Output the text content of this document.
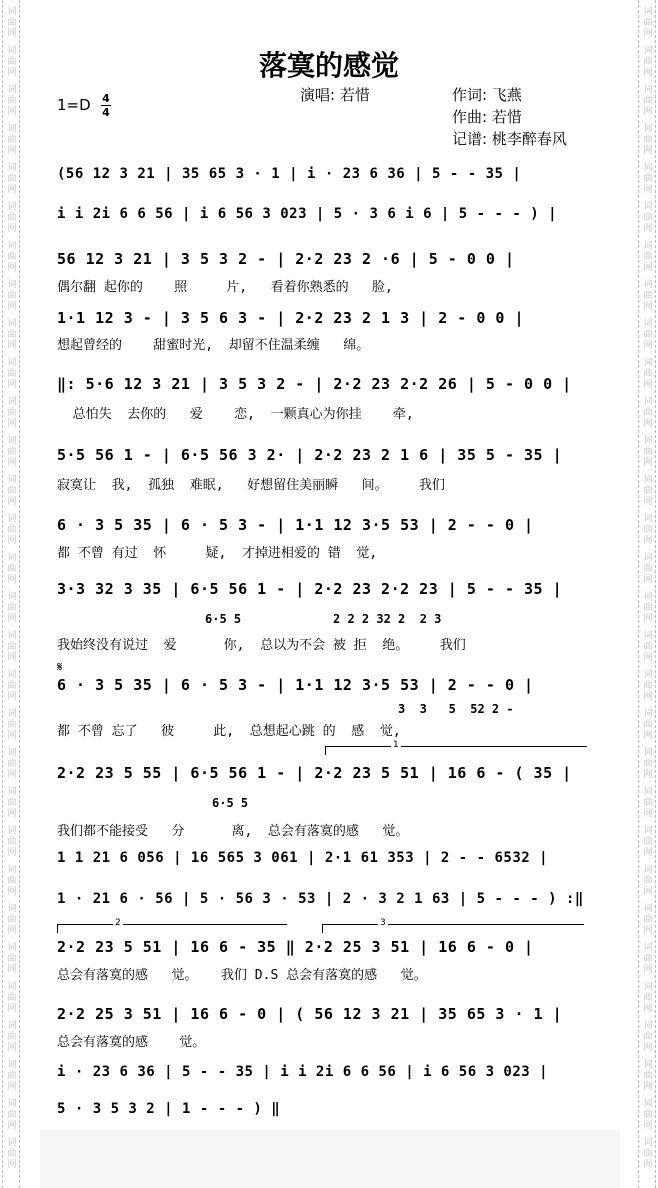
词曲网
词曲网
词曲网
词曲网
词曲网
词曲网
词曲网
词曲网
词曲网
词曲网
词曲网
词曲网
词曲网
词曲网
词曲网
词曲网
词曲网
词曲网
词曲网
词曲网
词曲网
词曲网
词曲网
词曲网
词曲网
词曲网
词曲网
词曲网
词曲网
词曲网
词曲网
词曲网
词曲网
词曲网
词曲网
词曲网
词曲网
词曲网
词曲网
词曲网
词曲网
词曲网
词曲网
词曲网
词曲网
词曲网
词曲网
词曲网
词曲网
词曲网
词曲网
词曲网
词曲网
词曲网
词曲网
词曲网
词曲网
词曲网
词曲网
词曲网
落寞的感觉
1=D 4
4
演唱: 若惜	作词: 飞燕
作曲: 若惜
记谱: 桃李醉春风
(56 12 3 21 | 35 65 3 · 1 | i · 23 6 36 | 5 - - 35 |
i i 2i 6 6 56 | i 6 56 3 023 | 5 · 3 6 i 6 | 5 - - - ) |
56 12 3 21 | 3 5 3 2 - | 2·2 23 2 ·6 | 5 - 0 0 |
偶尔翻 起你的    照     片,   看着你熟悉的   脸,
1·1 12 3 - | 3 5 6 3 - | 2·2 23 2 1 3 | 2 - 0 0 |
想起曾经的    甜蜜时光,  却留不住温柔缠   绵。
‖: 5·6 12 3 21 | 3 5 3 2 - | 2·2 23 2·2 26 | 5 - 0 0 |
总怕失  去你的   爱    恋,  一颗真心为你挂    牵,
5·5 56 1 - | 6·5 56 3 2· | 2·2 23 2 1 6 | 35 5 - 35 |
寂寞让  我,  孤独  难眠,   好想留住美丽瞬   间。    我们
6 · 3 5 35 | 6 · 5 3 - | 1·1 12 3·5 53 | 2 - - 0 |
都 不曾 有过  怀     疑,  才掉进相爱的 错  觉,
3·3 32 3 35 | 6·5 56 1 - | 2·2 23 2·2 23 | 5 - - 35 |
6·5 5	2 2 2 32 2  2 3
我始终没有说过  爱      你,  总以为不会 被 拒  绝。    我们
𝄋
6 · 3 5 35 | 6 · 5 3 - | 1·1 12 3·5 53 | 2 - - 0 |
3  3   5  52 2 -
都 不曾 忘了   彼     此,  总想起心跳 的  感  觉,
1
2·2 23 5 55 | 6·5 56 1 - | 2·2 23 5 51 | 16 6 - ( 35 |
6·5 5
我们都不能接受   分      离,  总会有落寞的感   觉。
1 1 21 6 056 | 16 565 3 061 | 2·1 61 353 | 2 - - 6532 |
1 · 21 6 · 56 | 5 · 56 3 · 53 | 2 · 3 2 1 63 | 5 - - - ) :‖
2	3
2·2 23 5 51 | 16 6 - 35 ‖ 2·2 25 3 51 | 16 6 - 0 |
总会有落寞的感   觉。   我们 D.S 总会有落寞的感   觉。
2·2 25 3 51 | 16 6 - 0 | ( 56 12 3 21 | 35 65 3 · 1 |
总会有落寞的感    觉。
i · 23 6 36 | 5 - - 35 | i i 2i 6 6 56 | i 6 56 3 023 |
5 · 3 5 3 2 | 1 - - - ) ‖
